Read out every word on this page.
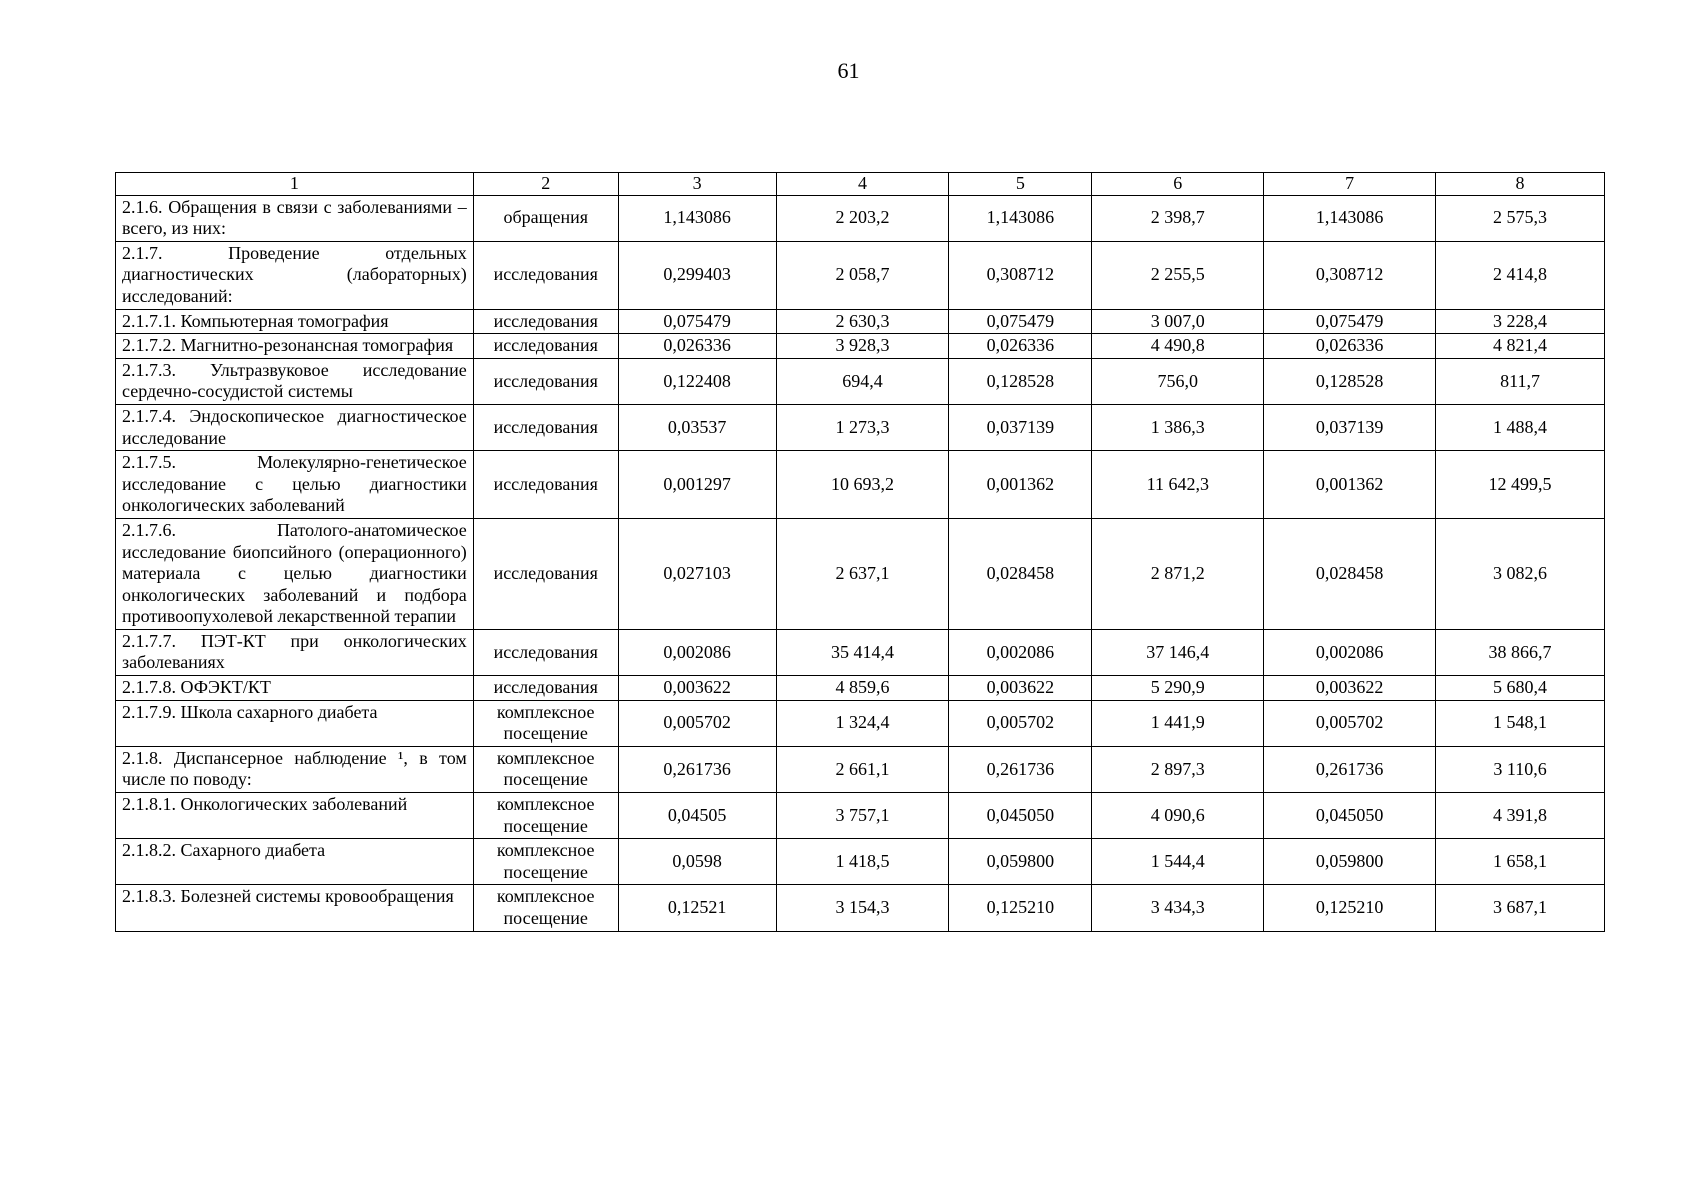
61
1	2	3	4	5	6	7	8
2.1.6. Обращения в связи с заболеваниями – всего, из них:	обращения	1,143086	2 203,2	1,143086	2 398,7	1,143086	2 575,3
2.1.7. Проведение отдельных диагностических (лабораторных) исследований:	исследования	0,299403	2 058,7	0,308712	2 255,5	0,308712	2 414,8
2.1.7.1. Компьютерная томография	исследования	0,075479	2 630,3	0,075479	3 007,0	0,075479	3 228,4
2.1.7.2. Магнитно-резонансная томография	исследования	0,026336	3 928,3	0,026336	4 490,8	0,026336	4 821,4
2.1.7.3. Ультразвуковое исследование сердечно-сосудистой системы	исследования	0,122408	694,4	0,128528	756,0	0,128528	811,7
2.1.7.4. Эндоскопическое диагностическое исследование	исследования	0,03537	1 273,3	0,037139	1 386,3	0,037139	1 488,4
2.1.7.5. Молекулярно-генетическое исследование с целью диагностики онкологических заболеваний	исследования	0,001297	10 693,2	0,001362	11 642,3	0,001362	12 499,5
2.1.7.6. Патолого-анатомическое исследование биопсийного (операционного) материала с целью диагностики онкологических заболеваний и подбора противоопухолевой лекарственной терапии	исследования	0,027103	2 637,1	0,028458	2 871,2	0,028458	3 082,6
2.1.7.7. ПЭТ-КТ при онкологических заболеваниях	исследования	0,002086	35 414,4	0,002086	37 146,4	0,002086	38 866,7
2.1.7.8. ОФЭКТ/КТ	исследования	0,003622	4 859,6	0,003622	5 290,9	0,003622	5 680,4
2.1.7.9. Школа сахарного диабета	комплексное посещение	0,005702	1 324,4	0,005702	1 441,9	0,005702	1 548,1
2.1.8. Диспансерное наблюдение ¹, в том числе по поводу:	комплексное посещение	0,261736	2 661,1	0,261736	2 897,3	0,261736	3 110,6
2.1.8.1. Онкологических заболеваний	комплексное посещение	0,04505	3 757,1	0,045050	4 090,6	0,045050	4 391,8
2.1.8.2. Сахарного диабета	комплексное посещение	0,0598	1 418,5	0,059800	1 544,4	0,059800	1 658,1
2.1.8.3. Болезней системы кровообращения	комплексное посещение	0,12521	3 154,3	0,125210	3 434,3	0,125210	3 687,1
